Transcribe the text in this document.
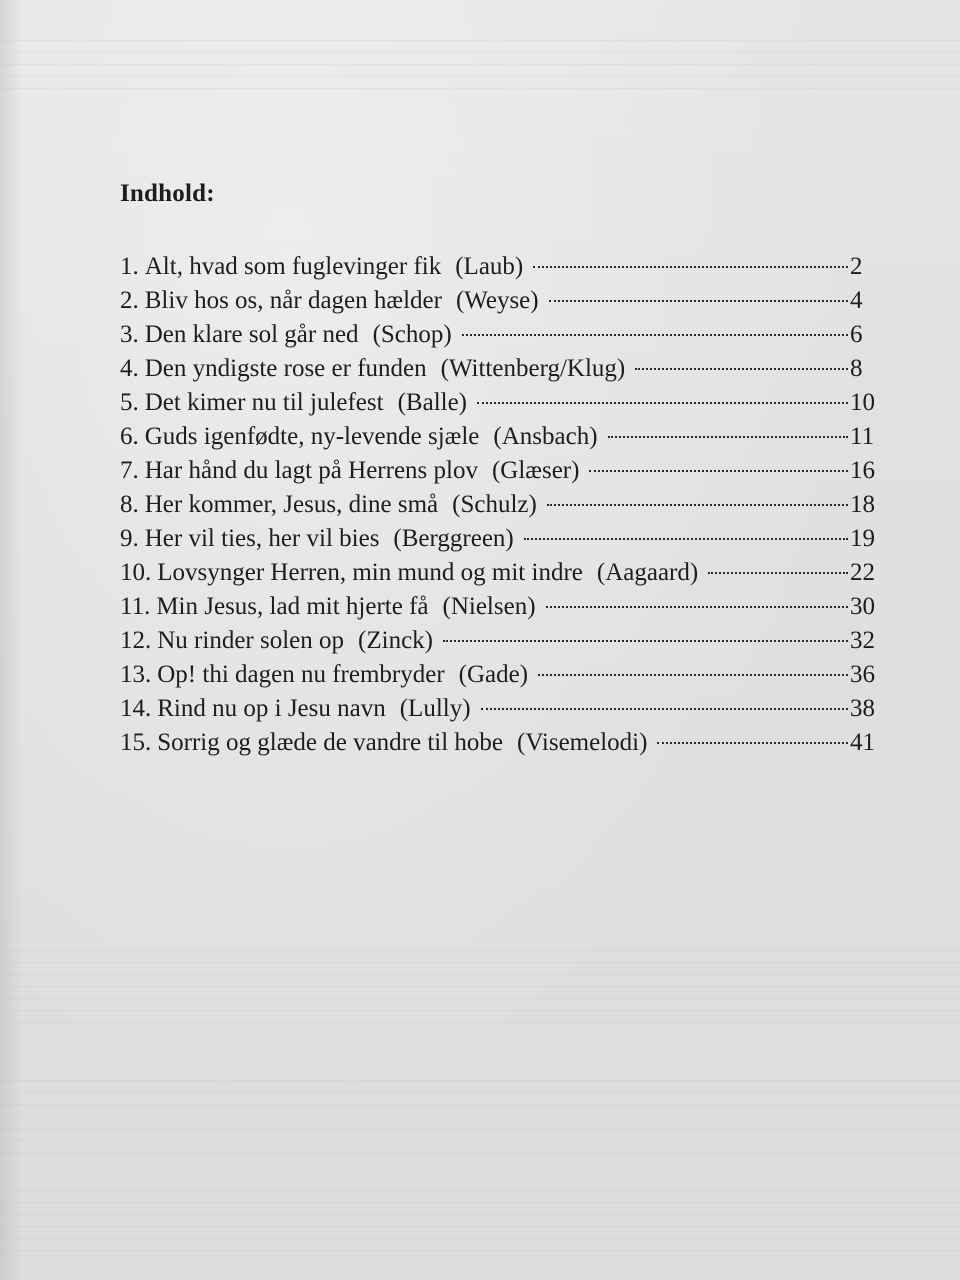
Indhold:
1. Alt, hvad som fuglevinger fik (Laub)	2
2. Bliv hos os, når dagen hælder (Weyse)	4
3. Den klare sol går ned (Schop)	6
4. Den yndigste rose er funden (Wittenberg/Klug)	8
5. Det kimer nu til julefest (Balle)	10
6. Guds igenfødte, ny-levende sjæle (Ansbach)	11
7. Har hånd du lagt på Herrens plov (Glæser)	16
8. Her kommer, Jesus, dine små (Schulz)	18
9. Her vil ties, her vil bies (Berggreen)	19
10. Lovsynger Herren, min mund og mit indre (Aagaard)	22
11. Min Jesus, lad mit hjerte få (Nielsen)	30
12. Nu rinder solen op (Zinck)	32
13. Op! thi dagen nu frembryder (Gade)	36
14. Rind nu op i Jesu navn (Lully)	38
15. Sorrig og glæde de vandre til hobe (Visemelodi)	41
